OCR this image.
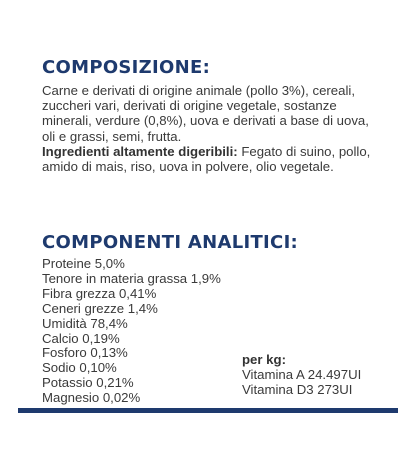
COMPOSIZIONE:

Carne e derivati di origine animale (pollo 3%), cereali, zuccheri vari, derivati di origine vegetale, sostanze minerali, verdure (0,8%), uova e derivati a base di uova, oli e grassi, semi, frutta.

Ingredienti altamente digeribili: Fegato di suino, pollo, amido di mais, riso, uova in polvere, olio vegetale.

COMPONENTI ANALITICI:
Proteine 5,0%
Tenore in materia grassa 1,9%
Fibra grezza 0,41%
Ceneri grezze 1,4%
Umidità 78,4%
Calcio 0,19%
Fosforo 0,13%
Sodio 0,10%
Potassio 0,21%
Magnesio 0,02%
per kg:
Vitamina A 24.497UI
Vitamina D3 273UI
